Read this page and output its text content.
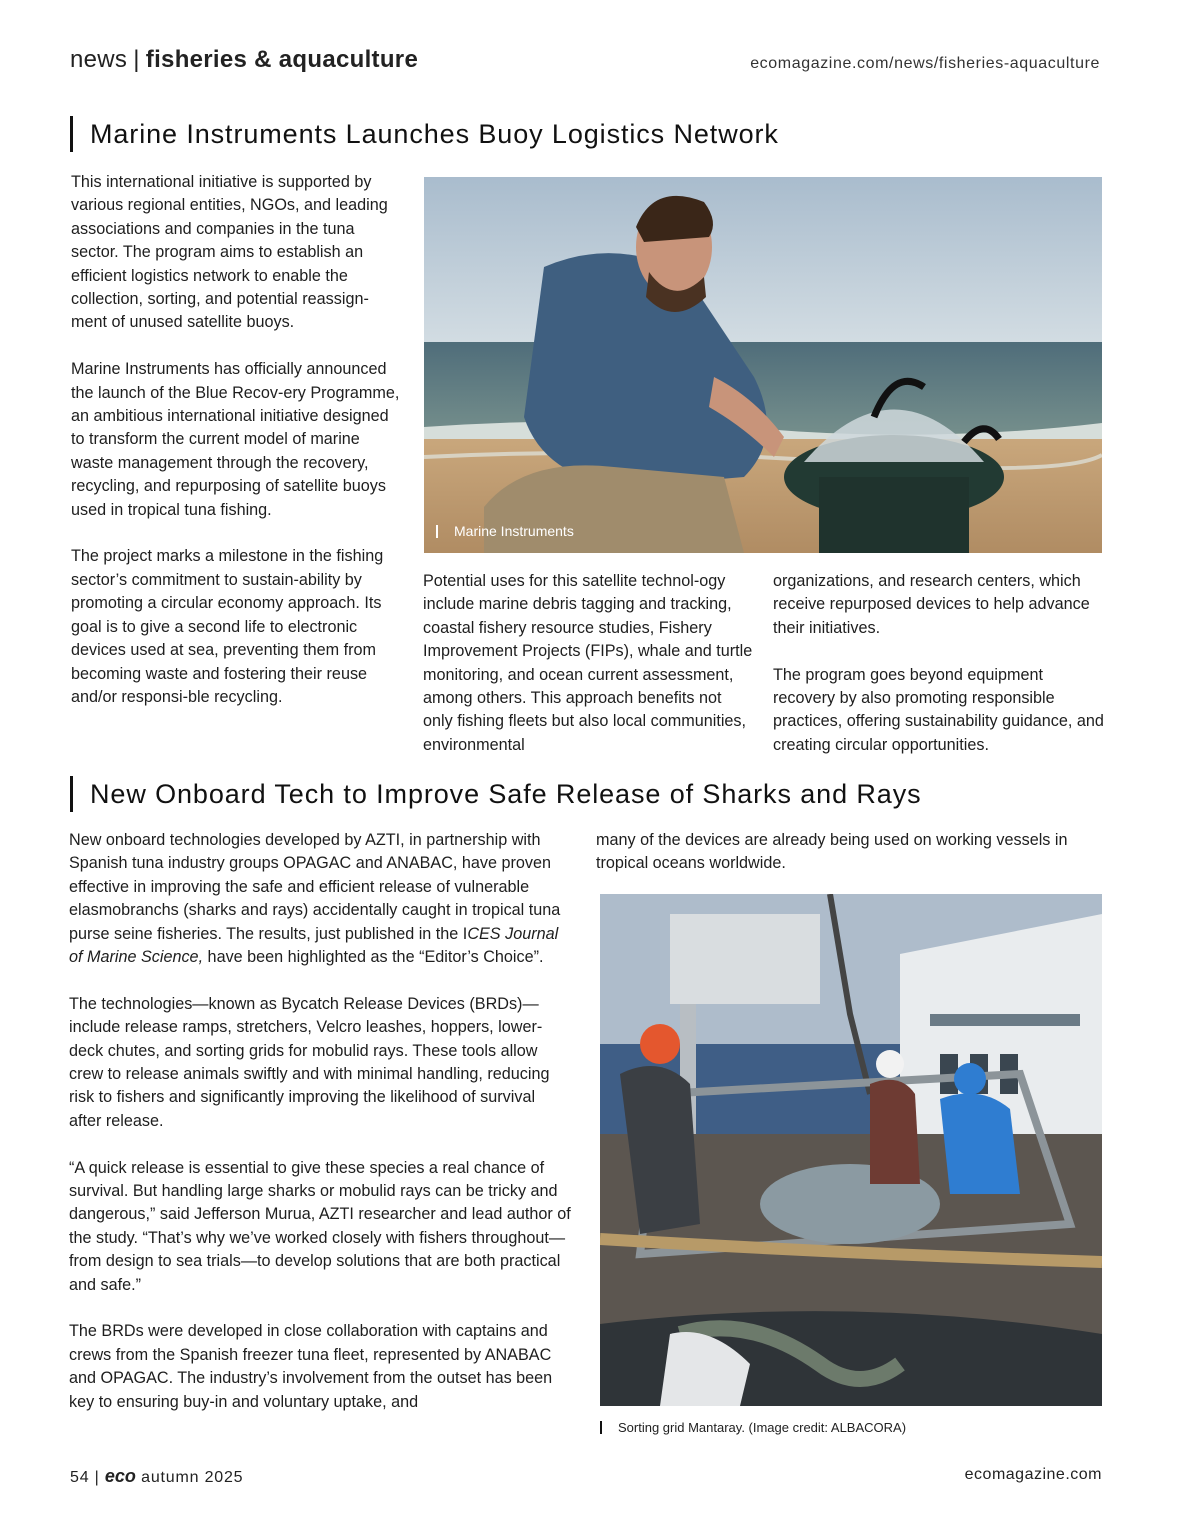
news | fisheries & aquaculture	ecomagazine.com/news/fisheries-aquaculture
Marine Instruments Launches Buoy Logistics Network

This international initiative is supported by various regional entities, NGOs, and leading associations and companies in the tuna sector. The program aims to establish an efficient logistics network to enable the collection, sorting, and potential reassign-ment of unused satellite buoys.

Marine Instruments has officially announced the launch of the Blue Recov-ery Programme, an ambitious international initiative designed to transform the current model of marine waste management through the recovery, recycling, and repurposing of satellite buoys used in tropical tuna fishing.

The project marks a milestone in the fishing sector’s commitment to sustain-ability by promoting a circular economy approach. Its goal is to give a second life to electronic devices used at sea, preventing them from becoming waste and fostering their reuse and/or responsi-ble recycling.

Marine Instruments

Potential uses for this satellite technol-ogy include marine debris tagging and tracking, coastal fishery resource studies, Fishery Improvement Projects (FIPs), whale and turtle monitoring, and ocean current assessment, among others. This approach benefits not only fishing fleets but also local communities, environmental

organizations, and research centers, which receive repurposed devices to help advance their initiatives.

The program goes beyond equipment recovery by also promoting responsible practices, offering sustainability guidance, and creating circular opportunities.

New Onboard Tech to Improve Safe Release of Sharks and Rays

New onboard technologies developed by AZTI, in partnership with Spanish tuna industry groups OPAGAC and ANABAC, have proven effective in improving the safe and efficient release of vulnerable elasmobranchs (sharks and rays) accidentally caught in tropical tuna purse seine fisheries. The results, just published in the ICES Journal of Marine Science, have been highlighted as the “Editor’s Choice”.

The technologies—known as Bycatch Release Devices (BRDs)—include release ramps, stretchers, Velcro leashes, hoppers, lower-deck chutes, and sorting grids for mobulid rays. These tools allow crew to release animals swiftly and with minimal handling, reducing risk to fishers and significantly improving the likelihood of survival after release.

“A quick release is essential to give these species a real chance of survival. But handling large sharks or mobulid rays can be tricky and dangerous,” said Jefferson Murua, AZTI researcher and lead author of the study. “That’s why we’ve worked closely with fishers throughout—from design to sea trials—to develop solutions that are both practical and safe.”

The BRDs were developed in close collaboration with captains and crews from the Spanish freezer tuna fleet, represented by ANABAC and OPAGAC. The industry’s involvement from the outset has been key to ensuring buy-in and voluntary uptake, and

many of the devices are already being used on working vessels in tropical oceans worldwide.

Sorting grid Mantaray. (Image credit: ALBACORA)
54 | eco autumn 2025	ecomagazine.com
